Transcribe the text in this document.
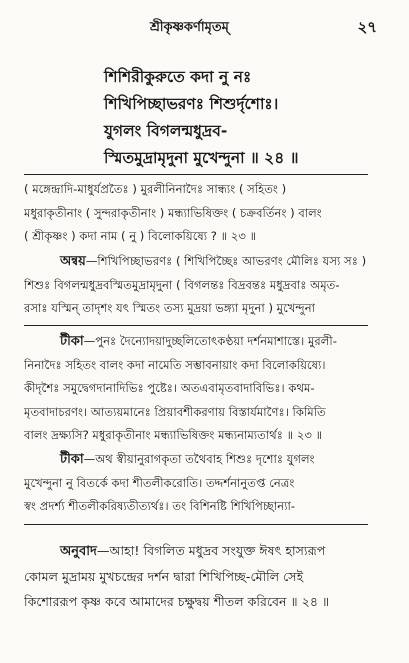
শ্রীকৃষ্ণকর্ণামৃতম্	২৭
শিশিরীকুরুতে কদা নু নঃ
শিখিপিচ্ছাভরণঃ শিশুর্দৃশোঃ।
যুগলং বিগলন্মধুদ্রব-
স্মিতমুদ্রামৃদুনা মুখেন্দুনা ॥ ২৪ ॥
( মঙ্গেন্দ্রাদি-মাধুর্যপ্রতৈঃ ) মুরলীনিনাদৈঃ সান্ধ্যং ( সহিতং )
মধুরাকৃতীনাং ( সুন্দরাকৃতীনাং ) মন্ধ্যাভিষিক্তং ( চক্রবর্তিনং ) বালং
( শ্রীকৃষ্ণং ) কদা নাম ( নু ) বিলোকয়িষ্যে ? ॥ ২৩ ॥
অন্বয়—শিখিপিচ্ছাভরণঃ ( শিখিপিচ্ছৈঃ আভরণং মৌলিঃ যস্য সঃ )
শিশুঃ বিগলন্মধুদ্রবস্মিতমুদ্রামৃদুনা ( বিগলন্তঃ বিদ্রবন্তঃ মধুদ্রবাঃ অমৃত-
রসাঃ যস্মিন্ তাদৃশং যৎ স্মিতং তস্য মুদ্রয়া ভঙ্গ্যা মৃদুনা ) মুখেন্দুনা
টীকা—পুনঃ দৈন্যোদয়াদুচ্ছলিতোৎকণ্ঠয়া দর্শনমাশাস্তে। মুরলী-
নিনাদৈঃ সহিতং বালং কদা নামেতি সম্ভাবনায়াং কদা বিলোকয়িষ্যে।
কীদৃশৈঃ সমুদ্বেগদানাদিভিঃ পুষ্টেঃ। অতএবামৃতবাদাবিভিঃ। কথম-
মৃতবাদাচরণং। আত্যয়মানেঃ প্রিয়াবশীকরণায় বিস্তার্যমাণৈঃ। কিমিতি
বালং দ্রক্ষ্যসি? মধুরাকৃতীনাং মন্ধ্যাভিষিক্তং মন্ধ্যনাম্যতার্থঃ ॥ ২৩ ॥
টীকা—অথ স্বীয়ানুরাগকৃতা তথৈবাহ শিশুঃ দৃশোঃ যুগলং
মুখেন্দুনা নু বিতর্কে কদা শীতলীকরোতি। তদ্দর্শনানুতপ্ত নেত্রং
স্বং প্রদর্শ্য শীতলীকরিষ্যতীত্যর্থঃ। তং বিশিনষ্টি শিখিপিচ্ছান্যা-
অনুবাদ—আহা! বিগলিত মধুদ্রব সংযুক্ত ঈষৎ হাস্যরূপ
কোমল মুদ্রাময় মুখচন্দ্রের দর্শন দ্বারা শিখিপিচ্ছ-মৌলি সেই
কিশোররূপ কৃষ্ণ কবে আমাদের চক্ষুদ্বয় শীতল করিবেন ॥ ২৪ ॥
